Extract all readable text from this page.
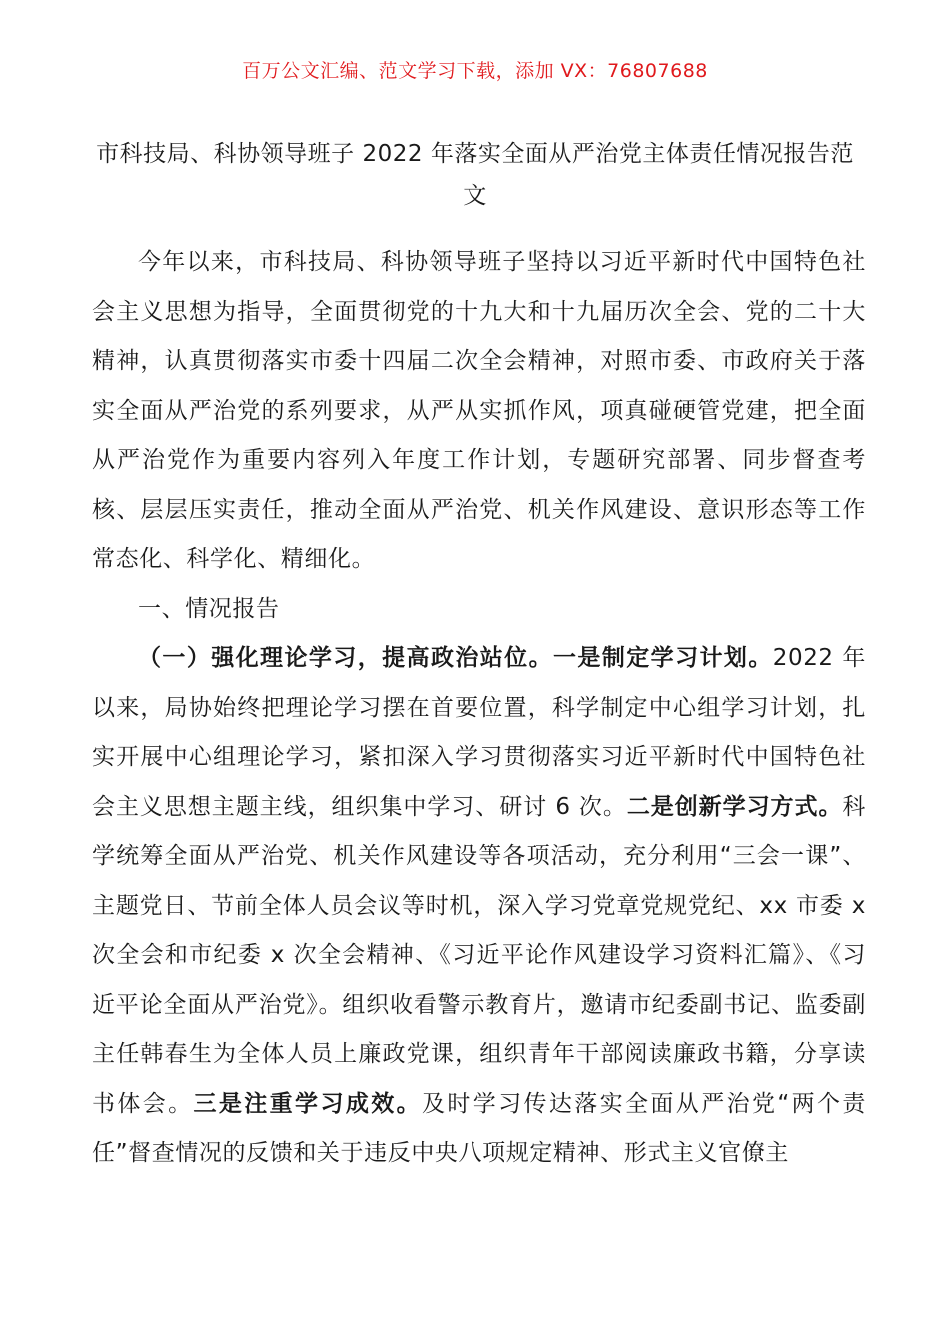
百万公文汇编、范文学习下载，添加 VX：76807688
市科技局、科协领导班子 2022 年落实全面从严治党主体责任情况报告范文

今年以来，市科技局、科协领导班子坚持以习近平新时代中国特色社会主义思想为指导，全面贯彻党的十九大和十九届历次全会、党的二十大精神，认真贯彻落实市委十四届二次全会精神，对照市委、市政府关于落实全面从严治党的系列要求，从严从实抓作风，项真碰硬管党建，把全面从严治党作为重要内容列入年度工作计划，专题研究部署、同步督查考核、层层压实责任，推动全面从严治党、机关作风建设、意识形态等工作常态化、科学化、精细化。

一、情况报告

（一）强化理论学习，提高政治站位。一是制定学习计划。2022 年以来，局协始终把理论学习摆在首要位置，科学制定中心组学习计划，扎实开展中心组理论学习，紧扣深入学习贯彻落实习近平新时代中国特色社会主义思想主题主线，组织集中学习、研讨 6 次。二是创新学习方式。科学统筹全面从严治党、机关作风建设等各项活动，充分利用“三会一课”、主题党日、节前全体人员会议等时机，深入学习党章党规党纪、xx 市委 x 次全会和市纪委 x 次全会精神、《习近平论作风建设学习资料汇篇》、《习近平论全面从严治党》。组织收看警示教育片，邀请市纪委副书记、监委副主任韩春生为全体人员上廉政党课，组织青年干部阅读廉政书籍，分享读书体会。三是注重学习成效。及时学习传达落实全面从严治党“两个责任”督查情况的反馈和关于违反中央八项规定精神、形式主义官僚主
